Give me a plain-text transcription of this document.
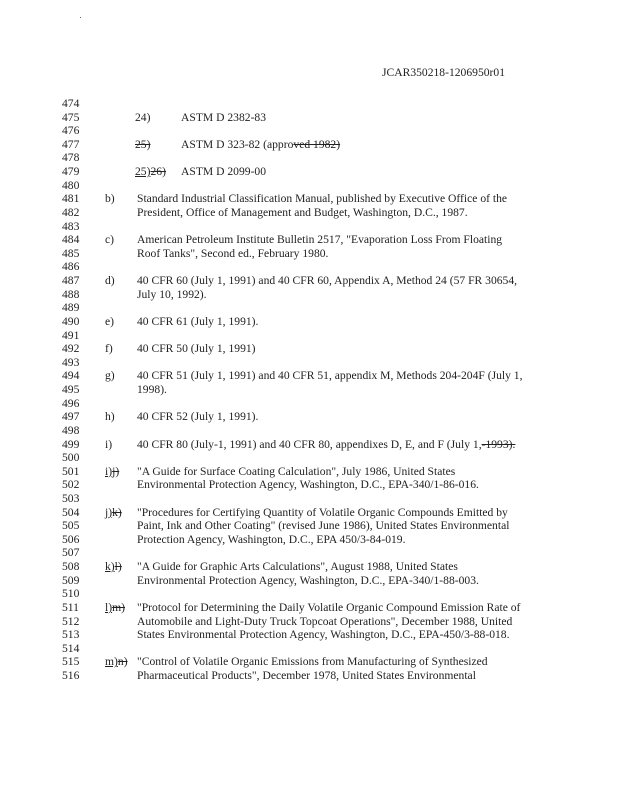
JCAR350218-1206950r01
474
475	24)	ASTM D 2382-83
476
477	25)	ASTM D 323-82 (approved 1982)
478
479	25)26) ASTM D 2099-00
480
481 b) Standard Industrial Classification Manual, published by Executive Office of the
482	President, Office of Management and Budget, Washington, D.C., 1987.
483
484 c) American Petroleum Institute Bulletin 2517, "Evaporation Loss From Floating
485	Roof Tanks", Second ed., February 1980.
486
487 d) 40 CFR 60 (July 1, 1991) and 40 CFR 60, Appendix A, Method 24 (57 FR 30654,
488	July 10, 1992).
489
490 e) 40 CFR 61 (July 1, 1991).
491
492 f) 40 CFR 50 (July 1, 1991)
493
494 g) 40 CFR 51 (July 1, 1991) and 40 CFR 51, appendix M, Methods 204-204F (July 1,
495	1998).
496
497 h) 40 CFR 52 (July 1, 1991).
498
499 i) 40 CFR 80 (July-1, 1991) and 40 CFR 80, appendixes D, E, and F (July 1,-1993).
500
501 i)j) "A Guide for Surface Coating Calculation", July 1986, United States
502	Environmental Protection Agency, Washington, D.C., EPA-340/1-86-016.
503
504 j)k) "Procedures for Certifying Quantity of Volatile Organic Compounds Emitted by
505	Paint, Ink and Other Coating" (revised June 1986), United States Environmental
506	Protection Agency, Washington, D.C., EPA 450/3-84-019.
507
508 k)l) "A Guide for Graphic Arts Calculations", August 1988, United States
509	Environmental Protection Agency, Washington, D.C., EPA-340/1-88-003.
510
511 l)m) "Protocol for Determining the Daily Volatile Organic Compound Emission Rate of
512	Automobile and Light-Duty Truck Topcoat Operations", December 1988, United
513	States Environmental Protection Agency, Washington, D.C., EPA-450/3-88-018.
514
515 m)n) "Control of Volatile Organic Emissions from Manufacturing of Synthesized
516	Pharmaceutical Products", December 1978, United States Environmental
